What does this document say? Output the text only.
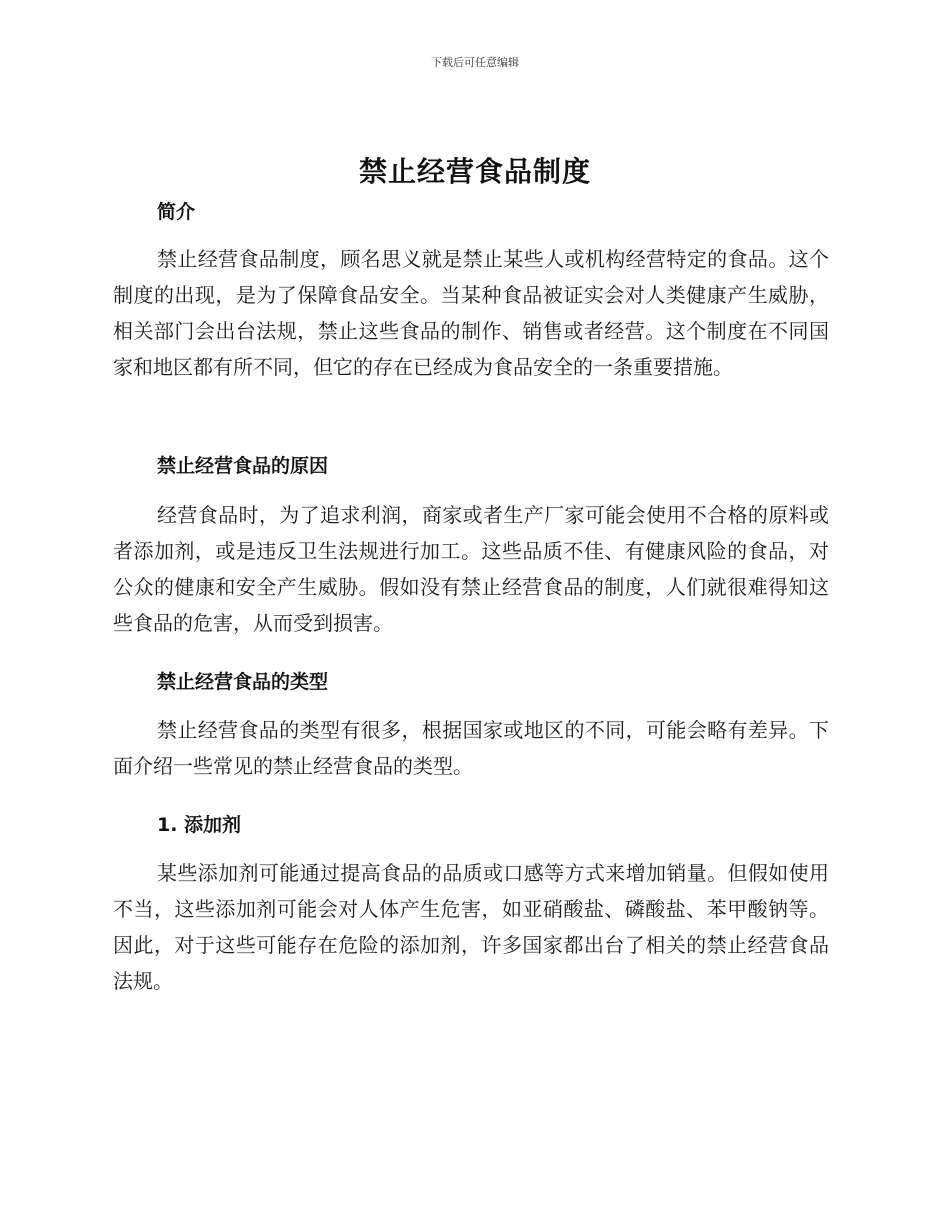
下载后可任意编辑
禁止经营食品制度
简介

禁止经营食品制度，顾名思义就是禁止某些人或机构经营特定的食品。这个制度的出现，是为了保障食品安全。当某种食品被证实会对人类健康产生威胁，相关部门会出台法规，禁止这些食品的制作、销售或者经营。这个制度在不同国家和地区都有所不同，但它的存在已经成为食品安全的一条重要措施。

禁止经营食品的原因

经营食品时，为了追求利润，商家或者生产厂家可能会使用不合格的原料或者添加剂，或是违反卫生法规进行加工。这些品质不佳、有健康风险的食品，对公众的健康和安全产生威胁。假如没有禁止经营食品的制度，人们就很难得知这些食品的危害，从而受到损害。

禁止经营食品的类型

禁止经营食品的类型有很多，根据国家或地区的不同，可能会略有差异。下面介绍一些常见的禁止经营食品的类型。

1. 添加剂

某些添加剂可能通过提高食品的品质或口感等方式来增加销量。但假如使用不当，这些添加剂可能会对人体产生危害，如亚硝酸盐、磷酸盐、苯甲酸钠等。因此，对于这些可能存在危险的添加剂，许多国家都出台了相关的禁止经营食品法规。
